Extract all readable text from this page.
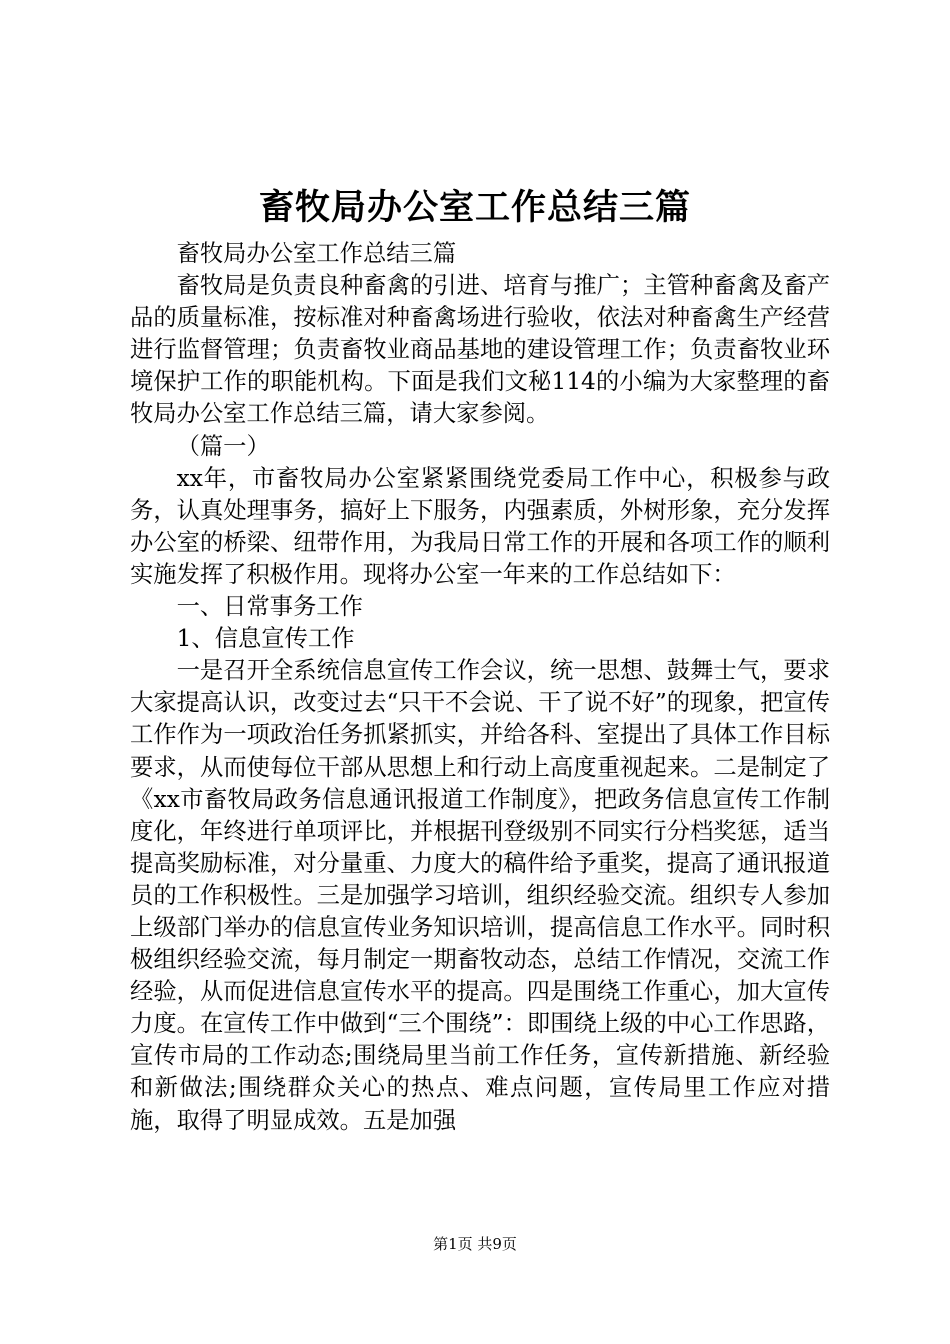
畜牧局办公室工作总结三篇

畜牧局办公室工作总结三篇

畜牧局是负责良种畜禽的引进、培育与推广；主管种畜禽及畜产品的质量标准，按标准对种畜禽场进行验收，依法对种畜禽生产经营进行监督管理；负责畜牧业商品基地的建设管理工作；负责畜牧业环境保护工作的职能机构。下面是我们文秘114的小编为大家整理的畜牧局办公室工作总结三篇，请大家参阅。

（篇一）

xx年，市畜牧局办公室紧紧围绕党委局工作中心，积极参与政务，认真处理事务，搞好上下服务，内强素质，外树形象，充分发挥办公室的桥梁、纽带作用，为我局日常工作的开展和各项工作的顺利实施发挥了积极作用。现将办公室一年来的工作总结如下：

一、日常事务工作

1、信息宣传工作

一是召开全系统信息宣传工作会议，统一思想、鼓舞士气，要求大家提高认识，改变过去“只干不会说、干了说不好”的现象，把宣传工作作为一项政治任务抓紧抓实，并给各科、室提出了具体工作目标要求，从而使每位干部从思想上和行动上高度重视起来。二是制定了《xx市畜牧局政务信息通讯报道工作制度》，把政务信息宣传工作制度化，年终进行单项评比，并根据刊登级别不同实行分档奖惩，适当提高奖励标准，对分量重、力度大的稿件给予重奖，提高了通讯报道员的工作积极性。三是加强学习培训，组织经验交流。组织专人参加上级部门举办的信息宣传业务知识培训，提高信息工作水平。同时积极组织经验交流，每月制定一期畜牧动态，总结工作情况，交流工作经验，从而促进信息宣传水平的提高。四是围绕工作重心，加大宣传力度。在宣传工作中做到“三个围绕”：即围绕上级的中心工作思路，宣传市局的工作动态;围绕局里当前工作任务，宣传新措施、新经验和新做法;围绕群众关心的热点、难点问题，宣传局里工作应对措施，取得了明显成效。五是加强

第1页 共9页
